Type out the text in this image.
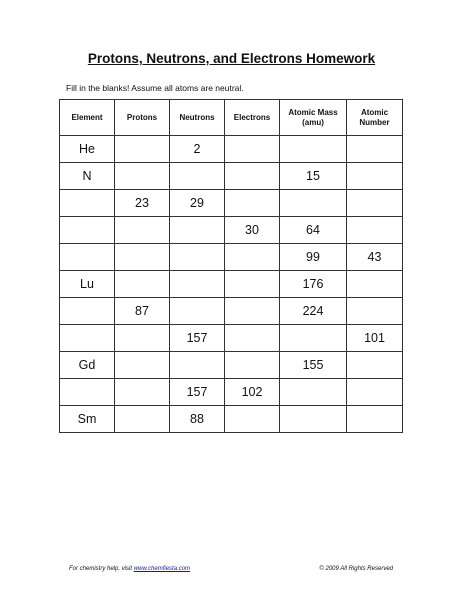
Protons, Neutrons, and Electrons Homework
Fill in the blanks! Assume all atoms are neutral.
Element	Protons	Neutrons	Electrons	Atomic Mass (amu)	Atomic Number
He		2			
N				15	
	23	29			
			30	64	
				99	43
Lu				176	
	87			224	
		157			101
Gd				155	
		157	102		
Sm		88			
For chemistry help, visit www.chemfiesta.com	© 2009 All Rights Reserved
